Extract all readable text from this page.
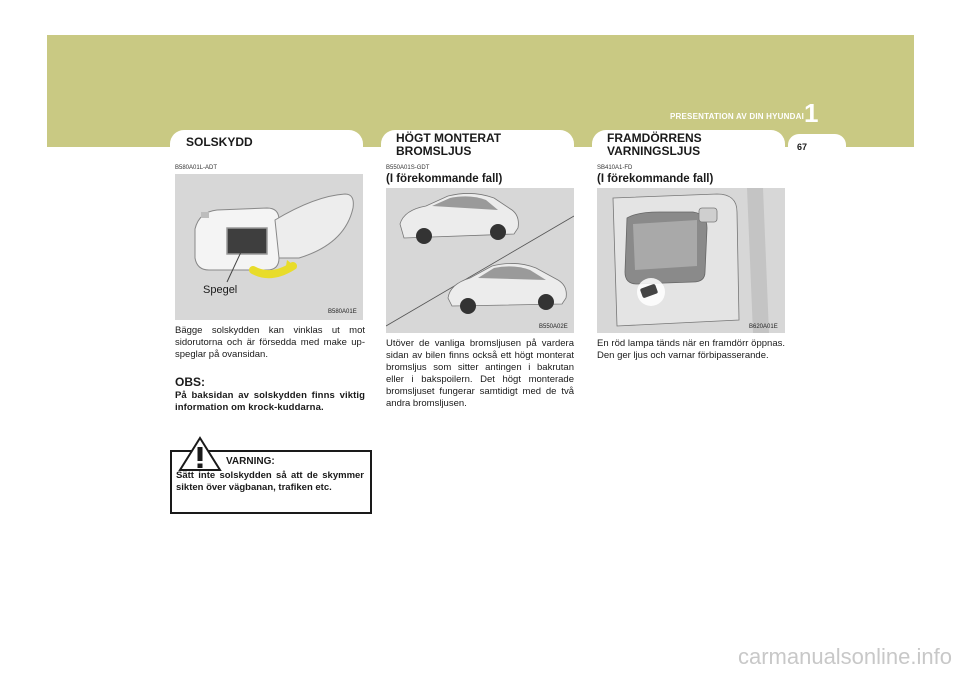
PRESENTATION AV DIN HYUNDAI 1
67
SOLSKYDD
B580A01L-ADT
Spegel
B580A01E
Bägge solskydden kan vinklas ut mot sidorutorna och är försedda med make up-speglar på ovansidan.
OBS:
På baksidan av solskydden finns viktig information om krock-kuddarna.
VARNING:
Sätt inte solskydden så att de skymmer sikten över vägbanan, trafiken etc.
HÖGT MONTERAT
BROMSLJUS
B550A01S-GDT
(I förekommande fall)
B550A02E
Utöver de vanliga bromsljusen på vardera sidan av bilen finns också ett högt monterat bromsljus som sitter antingen i bakrutan eller i bakspoilern. Det högt monterade bromsljuset fungerar samtidigt med de två andra bromsljusen.
FRAMDÖRRENS
VARNINGSLJUS
SB410A1-FD
(I förekommande fall)
B620A01E
En röd lampa tänds när en framdörr öppnas. Den ger ljus och varnar förbipasserande.
carmanualsonline.info
